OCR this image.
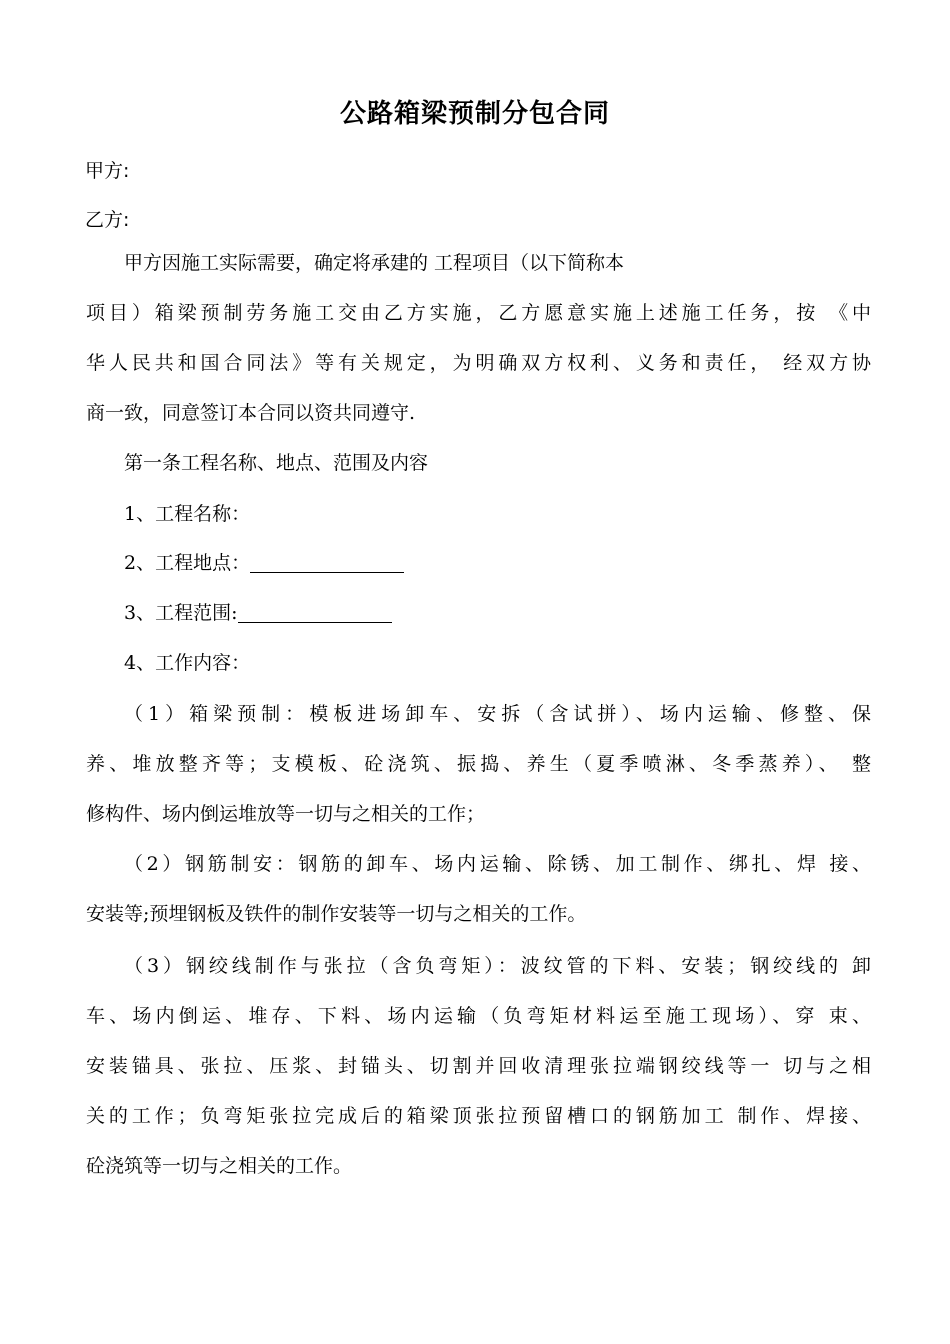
公路箱梁预制分包合同
甲方:
乙方:
甲方因施工实际需要，确定将承建的 工程项目（以下简称本
项目）箱梁预制劳务施工交由乙方实施，乙方愿意实施上述施工任务，按 《中
华人民共和国合同法》等有关规定，为明确双方权利、义务和责任， 经双方协
商一致，同意签订本合同以资共同遵守.
第一条工程名称、地点、范围及内容
1、工程名称：
2、工程地点：
3、工程范围:
4、工作内容：
（1）箱梁预制：模板进场卸车、安拆（含试拼）、场内运输、修整、保
养、堆放整齐等；支模板、砼浇筑、振捣、养生（夏季喷淋、冬季蒸养）、 整
修构件、场内倒运堆放等一切与之相关的工作；
（2）钢筋制安：钢筋的卸车、场内运输、除锈、加工制作、绑扎、焊 接、
安装等;预埋钢板及铁件的制作安装等一切与之相关的工作。
（3）钢绞线制作与张拉（含负弯矩）：波纹管的下料、安装；钢绞线的 卸
车、场内倒运、堆存、下料、场内运输（负弯矩材料运至施工现场）、穿 束、
安装锚具、张拉、压浆、封锚头、切割并回收清理张拉端钢绞线等一 切与之相
关的工作；负弯矩张拉完成后的箱梁顶张拉预留槽口的钢筋加工 制作、焊接、
砼浇筑等一切与之相关的工作。
